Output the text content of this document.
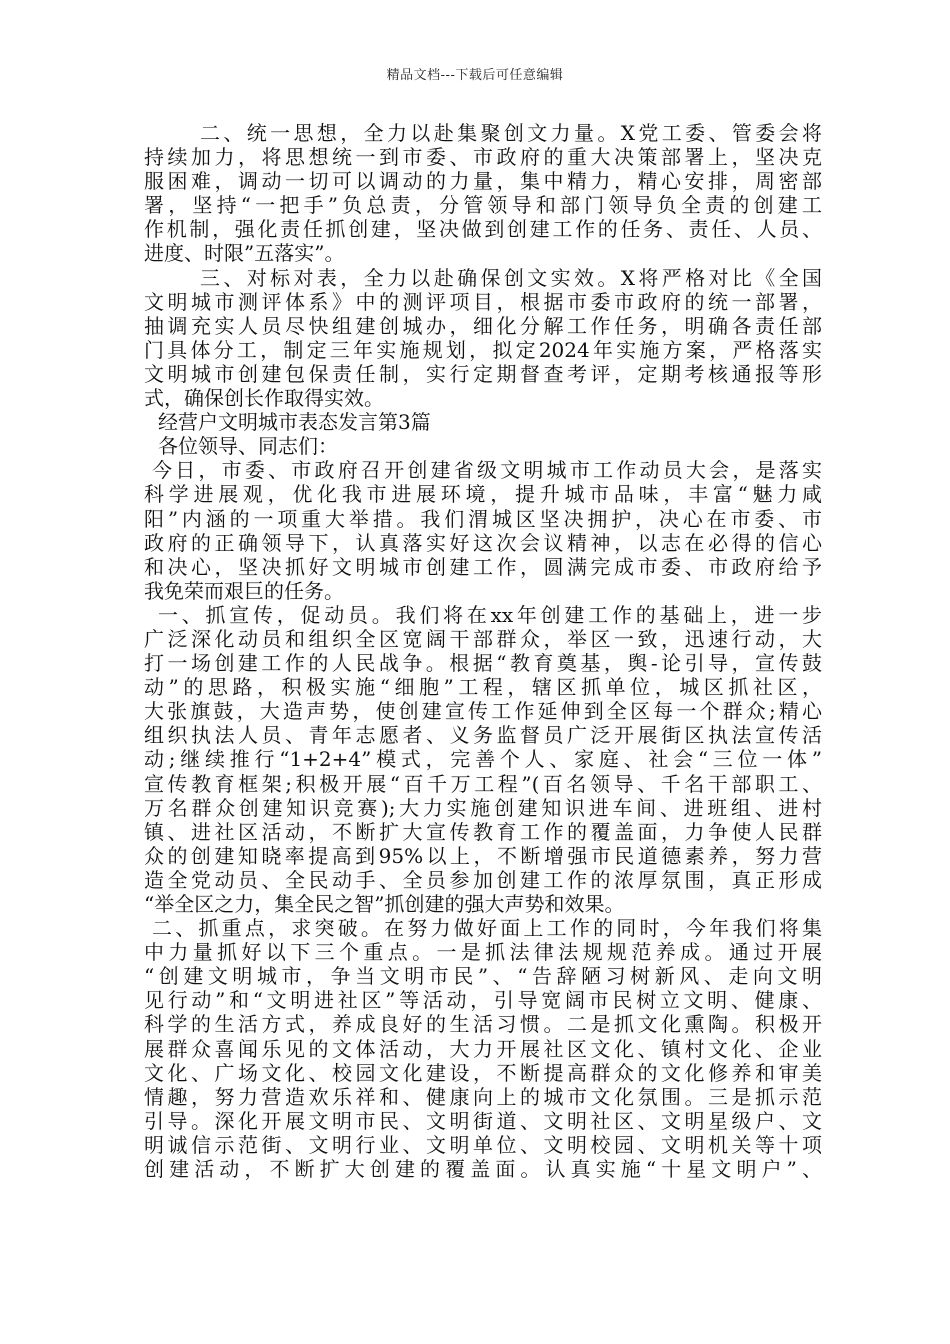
精品文档---下载后可任意编辑
二、统一思想，全力以赴集聚创文力量。X党工委、管委会将
持续加力，将思想统一到市委、市政府的重大决策部署上，坚决克
服困难，调动一切可以调动的力量，集中精力，精心安排，周密部
署，坚持“一把手”负总责，分管领导和部门领导负全责的创建工
作机制，强化责任抓创建，坚决做到创建工作的任务、责任、人员、
进度、时限”五落实”。
三、对标对表，全力以赴确保创文实效。X将严格对比《全国
文明城市测评体系》中的测评项目，根据市委市政府的统一部署，
抽调充实人员尽快组建创城办，细化分解工作任务，明确各责任部
门具体分工，制定三年实施规划，拟定2024年实施方案，严格落实
文明城市创建包保责任制，实行定期督查考评，定期考核通报等形
式，确保创长作取得实效。
经营户文明城市表态发言第3篇
各位领导、同志们：
今日，市委、市政府召开创建省级文明城市工作动员大会，是落实
科学进展观，优化我市进展环境，提升城市品味，丰富“魅力咸
阳”内涵的一项重大举措。我们渭城区坚决拥护，决心在市委、市
政府的正确领导下，认真落实好这次会议精神，以志在必得的信心
和决心，坚决抓好文明城市创建工作，圆满完成市委、市政府给予
我免荣而艰巨的任务。
一、抓宣传，促动员。我们将在xx年创建工作的基础上，进一步
广泛深化动员和组织全区宽阔干部群众，举区一致，迅速行动，大
打一场创建工作的人民战争。根据“教育奠基，舆-论引导，宣传鼓
动”的思路，积极实施“细胞”工程，辖区抓单位，城区抓社区，
大张旗鼓，大造声势，使创建宣传工作延伸到全区每一个群众;精心
组织执法人员、青年志愿者、义务监督员广泛开展街区执法宣传活
动;继续推行“1+2+4”模式，完善个人、家庭、社会“三位一体”
宣传教育框架;积极开展“百千万工程”(百名领导、千名干部职工、
万名群众创建知识竞赛);大力实施创建知识进车间、进班组、进村
镇、进社区活动，不断扩大宣传教育工作的覆盖面，力争使人民群
众的创建知晓率提高到95%以上，不断增强市民道德素养，努力营
造全党动员、全民动手、全员参加创建工作的浓厚氛围，真正形成
“举全区之力，集全民之智”抓创建的强大声势和效果。
二、抓重点，求突破。在努力做好面上工作的同时，今年我们将集
中力量抓好以下三个重点。一是抓法律法规规范养成。通过开展
“创建文明城市，争当文明市民”、“告辞陋习树新风、走向文明
见行动”和“文明进社区”等活动，引导宽阔市民树立文明、健康、
科学的生活方式，养成良好的生活习惯。二是抓文化熏陶。积极开
展群众喜闻乐见的文体活动，大力开展社区文化、镇村文化、企业
文化、广场文化、校园文化建设，不断提高群众的文化修养和审美
情趣，努力营造欢乐祥和、健康向上的城市文化氛围。三是抓示范
引导。深化开展文明市民、文明街道、文明社区、文明星级户、文
明诚信示范街、文明行业、文明单位、文明校园、文明机关等十项
创建活动，不断扩大创建的覆盖面。认真实施“十星文明户”、
